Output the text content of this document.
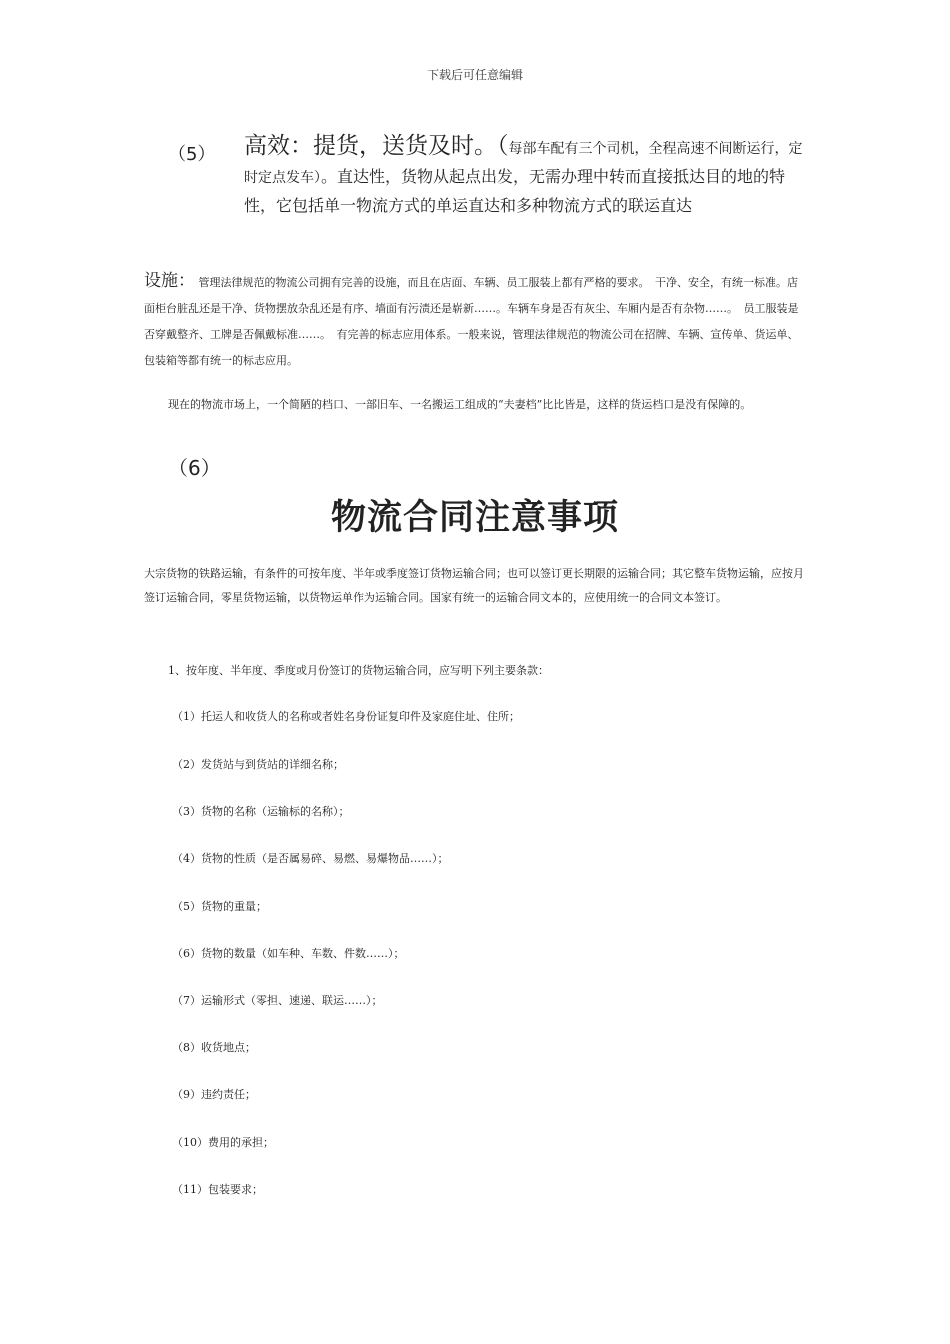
下载后可任意编辑
（5） 高效：提货，送货及时。（每部车配有三个司机，全程高速不间断运行，定时定点发车）。直达性，货物从起点出发，无需办理中转而直接抵达目的地的特性，它包括单一物流方式的单运直达和多种物流方式的联运直达
设施： 管理法律规范的物流公司拥有完善的设施，而且在店面、车辆、员工服装上都有严格的要求。　干净、安全，有统一标准。店面柜台脏乱还是干净、货物摆放杂乱还是有序、墙面有污渍还是崭新……。车辆车身是否有灰尘、车厢内是否有杂物……。　员工服装是否穿戴整齐、工牌是否佩戴标准……。　有完善的标志应用体系。一般来说，管理法律规范的物流公司在招牌、车辆、宣传单、货运单、包装箱等都有统一的标志应用。
现在的物流市场上，一个简陋的档口、一部旧车、一名搬运工组成的“夫妻档”比比皆是，这样的货运档口是没有保障的。
（6）
物流合同注意事项
大宗货物的铁路运输，有条件的可按年度、半年或季度签订货物运输合同；也可以签订更长期限的运输合同；其它整车货物运输，应按月签订运输合同，零星货物运输，以货物运单作为运输合同。国家有统一的运输合同文本的，应使用统一的合同文本签订。
1、按年度、半年度、季度或月份签订的货物运输合同，应写明下列主要条款：
（1）托运人和收货人的名称或者姓名身份证复印件及家庭住址、住所；
（2）发货站与到货站的详细名称；
（3）货物的名称（运输标的名称）；
（4）货物的性质（是否属易碎、易燃、易爆物品……）；
（5）货物的重量；
（6）货物的数量（如车种、车数、件数……）；
（7）运输形式（零担、速递、联运……）；
（8）收货地点；
（9）违约责任；
（10）费用的承担；
（11）包装要求；
